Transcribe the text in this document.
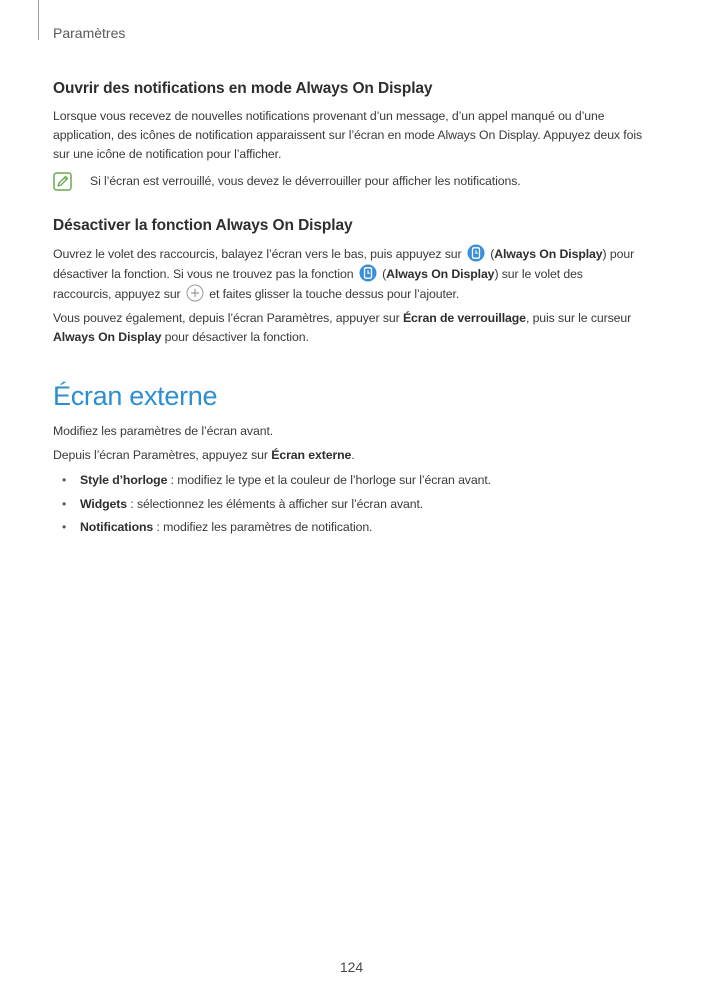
Paramètres
Ouvrir des notifications en mode Always On Display

Lorsque vous recevez de nouvelles notifications provenant d’un message, d’un appel manqué ou d’une application, des icônes de notification apparaissent sur l’écran en mode Always On Display. Appuyez deux fois sur une icône de notification pour l’afficher.

Si l’écran est verrouillé, vous devez le déverrouiller pour afficher les notifications.

Désactiver la fonction Always On Display

Ouvrez le volet des raccourcis, balayez l’écran vers le bas, puis appuyez sur (Always On Display) pour désactiver la fonction. Si vous ne trouvez pas la fonction (Always On Display) sur le volet des raccourcis, appuyez sur et faites glisser la touche dessus pour l’ajouter.

Vous pouvez également, depuis l’écran Paramètres, appuyer sur Écran de verrouillage, puis sur le curseur Always On Display pour désactiver la fonction.

Écran externe

Modifiez les paramètres de l’écran avant.

Depuis l’écran Paramètres, appuyez sur Écran externe.

• Style d’horloge : modifiez le type et la couleur de l’horloge sur l’écran avant.
• Widgets : sélectionnez les éléments à afficher sur l’écran avant.
• Notifications : modifiez les paramètres de notification.
124
